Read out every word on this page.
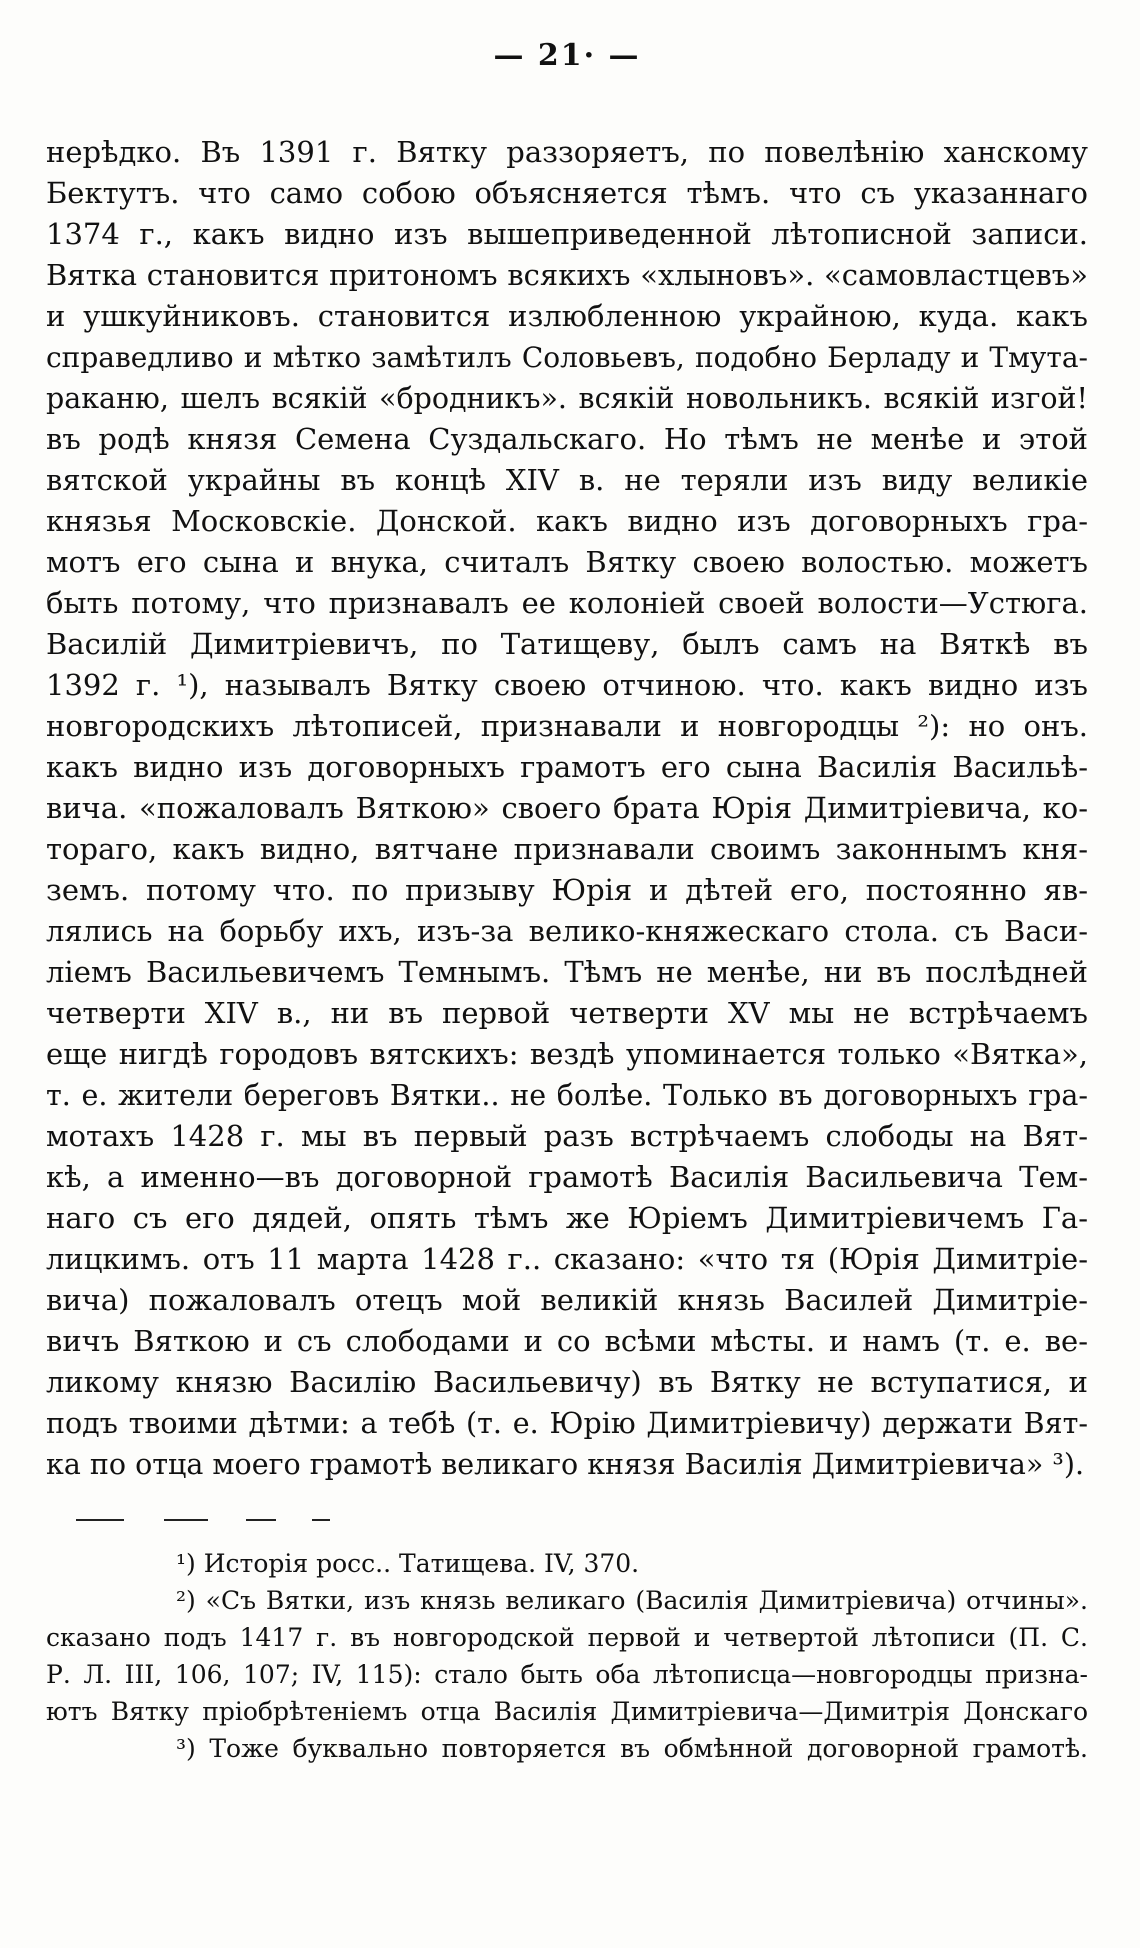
— 21· —
нерѣдко. Въ 1391 г. Вятку раззоряетъ, по повелѣнію ханскому
Бектутъ. что само собою объясняется тѣмъ. что съ указаннаго
1374 г., какъ видно изъ вышеприведенной лѣтописной записи.
Вятка становится притономъ всякихъ «хлыновъ». «самовластцевъ»
и ушкуйниковъ. становится излюбленною украйною, куда. какъ
справедливо и мѣтко замѣтилъ Соловьевъ, подобно Берладу и Тмута-
раканю, шелъ всякій «бродникъ». всякій новольникъ. всякій изгой!
въ родѣ князя Семена Суздальскаго. Но тѣмъ не менѣе и этой
вятской украйны въ концѣ XIV в. не теряли изъ виду великіе
князья Московскіе. Донской. какъ видно изъ договорныхъ гра-
мотъ его сына и внука, считалъ Вятку своею волостью. можетъ
быть потому, что признавалъ ее колоніей своей волости—Устюга.
Василій Димитріевичъ, по Татищеву, былъ самъ на Вяткѣ въ
1392 г. ¹), называлъ Вятку своею отчиною. что. какъ видно изъ
новгородскихъ лѣтописей, признавали и новгородцы ²): но онъ.
какъ видно изъ договорныхъ грамотъ его сына Василія Васильѣ-
вича. «пожаловалъ Вяткою» своего брата Юрія Димитріевича, ко-
тораго, какъ видно, вятчане признавали своимъ законнымъ кня-
земъ. потому что. по призыву Юрія и дѣтей его, постоянно яв-
лялись на борьбу ихъ, изъ-за велико-княжескаго стола. съ Васи-
ліемъ Васильевичемъ Темнымъ. Тѣмъ не менѣе, ни въ послѣдней
четверти XIV в., ни въ первой четверти XV мы не встрѣчаемъ
еще нигдѣ городовъ вятскихъ: вездѣ упоминается только «Вятка»,
т. е. жители береговъ Вятки.. не болѣе. Только въ договорныхъ гра-
мотахъ 1428 г. мы въ первый разъ встрѣчаемъ слободы на Вят-
кѣ, а именно—въ договорной грамотѣ Василія Васильевича Тем-
наго съ его дядей, опять тѣмъ же Юріемъ Димитріевичемъ Га-
лицкимъ. отъ 11 марта 1428 г.. сказано: «что тя (Юрія Димитріе-
вича) пожаловалъ отецъ мой великій князь Василей Димитріе-
вичъ Вяткою и съ слободами и со всѣми мѣсты. и намъ (т. е. ве-
ликому князю Василію Васильевичу) въ Вятку не вступатися, и
подъ твоими дѣтми: а тебѣ (т. е. Юрію Димитріевичу) держати Вят-
ка по отца моего грамотѣ великаго князя Василія Димитріевича» ³).
¹) Исторія росс.. Татищева. IV, 370.
²) «Съ Вятки, изъ князь великаго (Василія Димитріевича) отчины».
сказано подъ 1417 г. въ новгородской первой и четвертой лѣтописи (П. С.
Р. Л. III, 106, 107; IV, 115): стало быть оба лѣтописца—новгородцы призна-
ютъ Вятку пріобрѣтеніемъ отца Василія Димитріевича—Димитрія Донскаго
³) Тоже буквально повторяется въ обмѣнной договорной грамотѣ.
